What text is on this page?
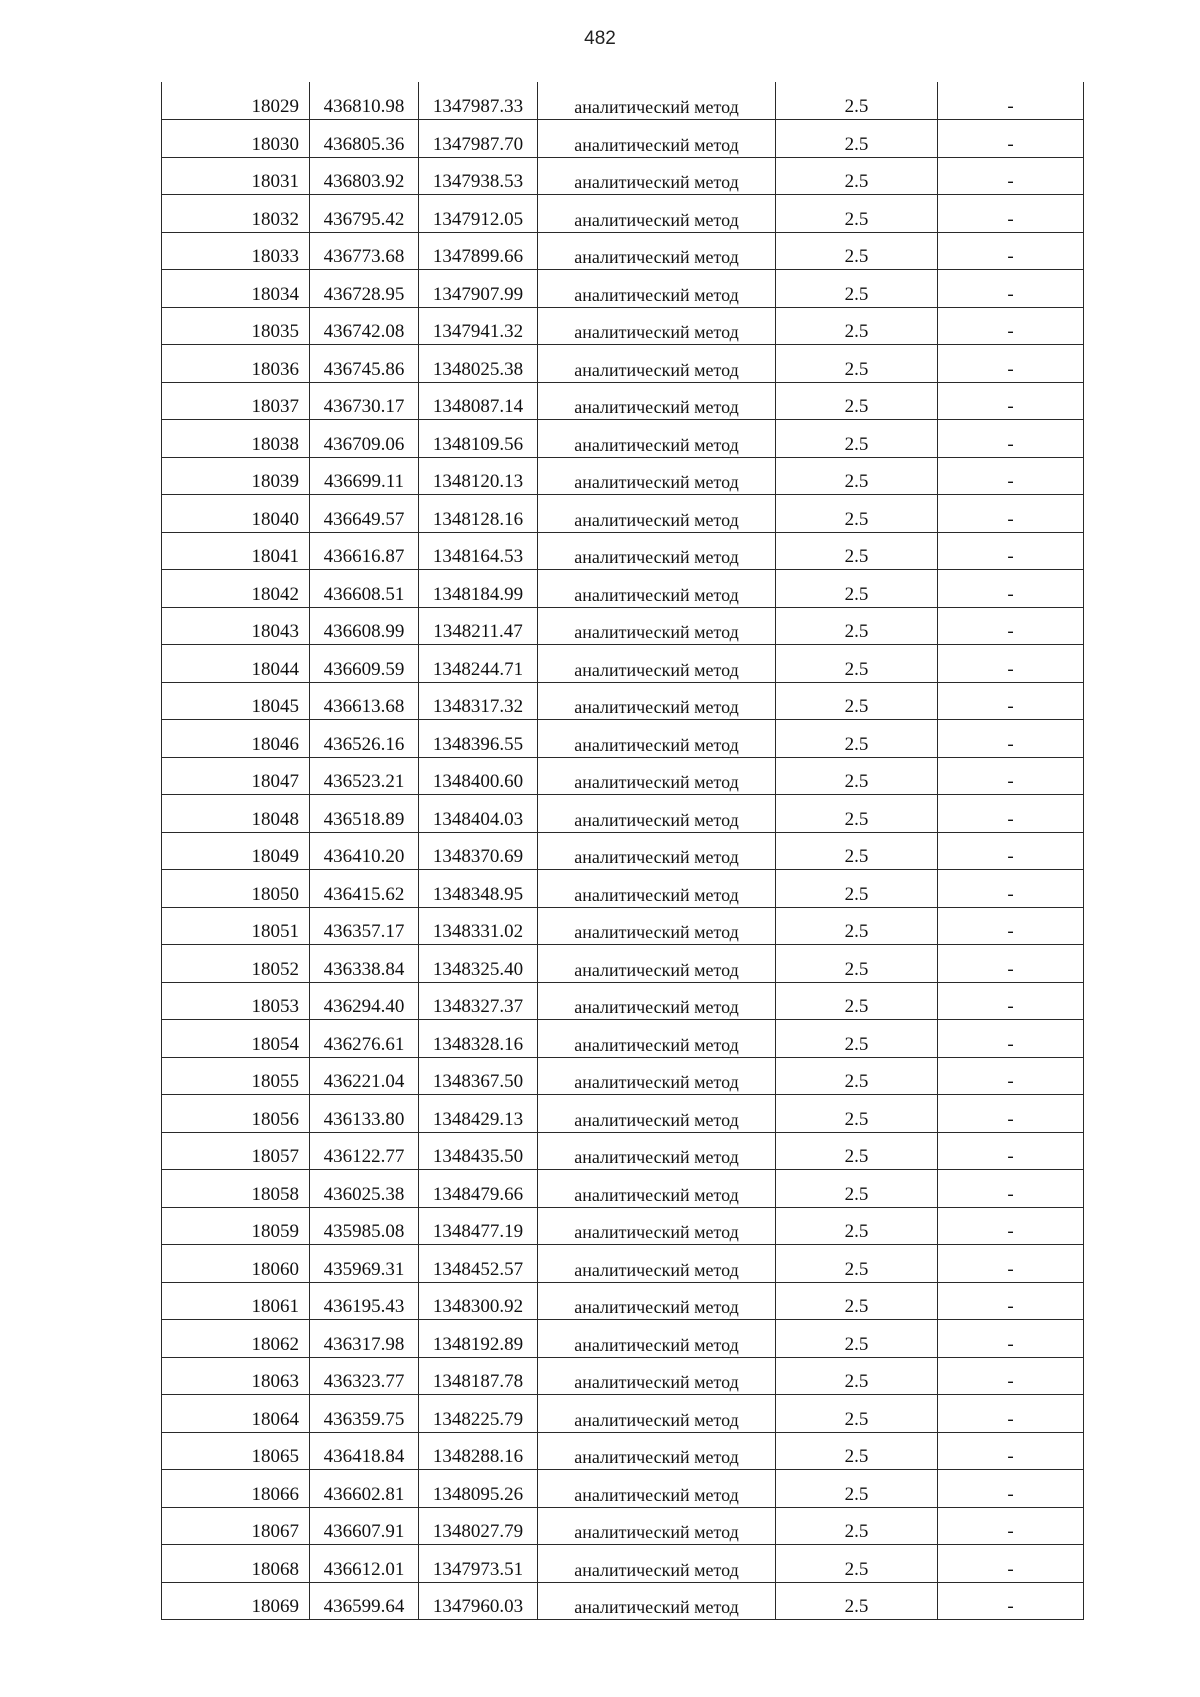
482
18029	436810.98	1347987.33	аналитический метод	2.5	-
18030	436805.36	1347987.70	аналитический метод	2.5	-
18031	436803.92	1347938.53	аналитический метод	2.5	-
18032	436795.42	1347912.05	аналитический метод	2.5	-
18033	436773.68	1347899.66	аналитический метод	2.5	-
18034	436728.95	1347907.99	аналитический метод	2.5	-
18035	436742.08	1347941.32	аналитический метод	2.5	-
18036	436745.86	1348025.38	аналитический метод	2.5	-
18037	436730.17	1348087.14	аналитический метод	2.5	-
18038	436709.06	1348109.56	аналитический метод	2.5	-
18039	436699.11	1348120.13	аналитический метод	2.5	-
18040	436649.57	1348128.16	аналитический метод	2.5	-
18041	436616.87	1348164.53	аналитический метод	2.5	-
18042	436608.51	1348184.99	аналитический метод	2.5	-
18043	436608.99	1348211.47	аналитический метод	2.5	-
18044	436609.59	1348244.71	аналитический метод	2.5	-
18045	436613.68	1348317.32	аналитический метод	2.5	-
18046	436526.16	1348396.55	аналитический метод	2.5	-
18047	436523.21	1348400.60	аналитический метод	2.5	-
18048	436518.89	1348404.03	аналитический метод	2.5	-
18049	436410.20	1348370.69	аналитический метод	2.5	-
18050	436415.62	1348348.95	аналитический метод	2.5	-
18051	436357.17	1348331.02	аналитический метод	2.5	-
18052	436338.84	1348325.40	аналитический метод	2.5	-
18053	436294.40	1348327.37	аналитический метод	2.5	-
18054	436276.61	1348328.16	аналитический метод	2.5	-
18055	436221.04	1348367.50	аналитический метод	2.5	-
18056	436133.80	1348429.13	аналитический метод	2.5	-
18057	436122.77	1348435.50	аналитический метод	2.5	-
18058	436025.38	1348479.66	аналитический метод	2.5	-
18059	435985.08	1348477.19	аналитический метод	2.5	-
18060	435969.31	1348452.57	аналитический метод	2.5	-
18061	436195.43	1348300.92	аналитический метод	2.5	-
18062	436317.98	1348192.89	аналитический метод	2.5	-
18063	436323.77	1348187.78	аналитический метод	2.5	-
18064	436359.75	1348225.79	аналитический метод	2.5	-
18065	436418.84	1348288.16	аналитический метод	2.5	-
18066	436602.81	1348095.26	аналитический метод	2.5	-
18067	436607.91	1348027.79	аналитический метод	2.5	-
18068	436612.01	1347973.51	аналитический метод	2.5	-
18069	436599.64	1347960.03	аналитический метод	2.5	-
